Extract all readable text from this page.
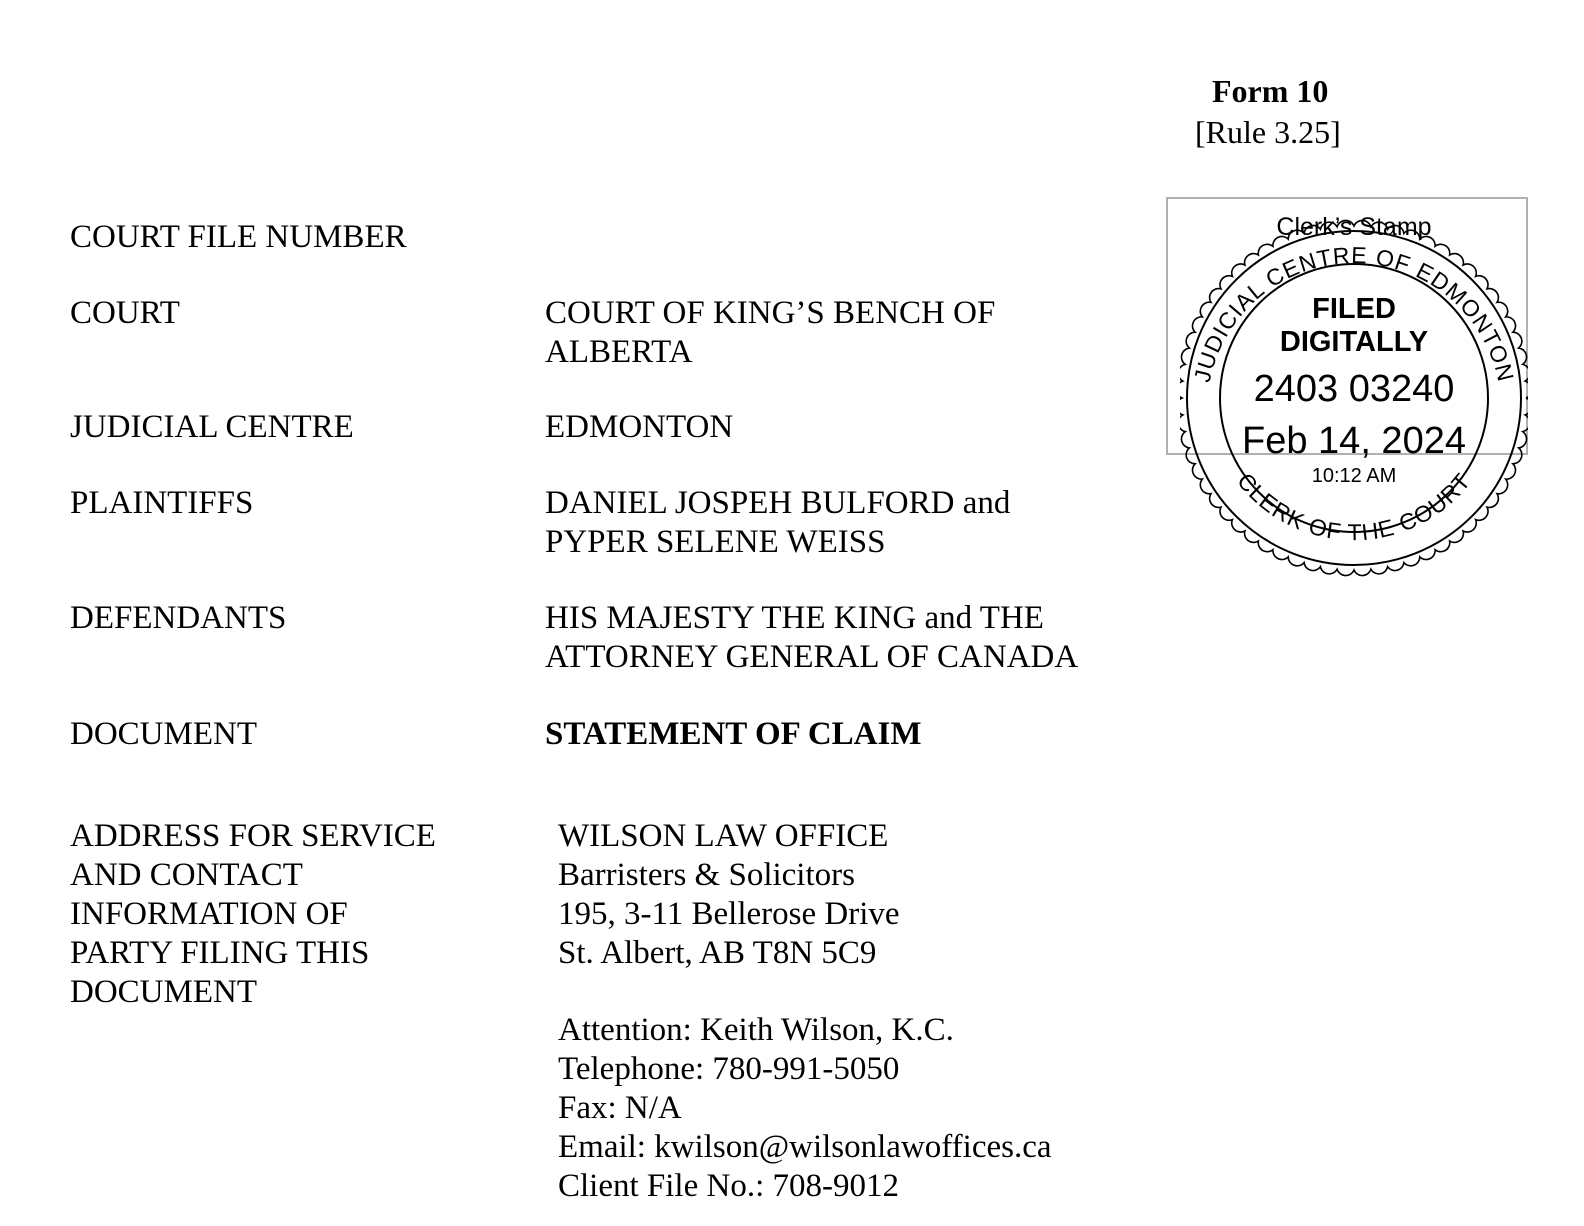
Form 10
[Rule 3.25]
Clerk’s Stamp
JUDICIAL CENTRE OF EDMONTON
CLERK OF THE COURT
FILED
DIGITALLY
2403 03240
Feb 14, 2024
10:12 AM
COURT FILE NUMBER
COURT
JUDICIAL CENTRE
PLAINTIFFS
DEFENDANTS
DOCUMENT
ADDRESS FOR SERVICE
AND CONTACT
INFORMATION OF
PARTY FILING THIS
DOCUMENT
COURT OF KING’S BENCH OF
ALBERTA
EDMONTON
DANIEL JOSPEH BULFORD and
PYPER SELENE WEISS
HIS MAJESTY THE KING and THE
ATTORNEY GENERAL OF CANADA
STATEMENT OF CLAIM
WILSON LAW OFFICE
Barristers & Solicitors
195, 3-11 Bellerose Drive
St. Albert, AB T8N 5C9
Attention: Keith Wilson, K.C.
Telephone: 780-991-5050
Fax: N/A
Email: kwilson@wilsonlawoffices.ca
Client File No.: 708-9012
